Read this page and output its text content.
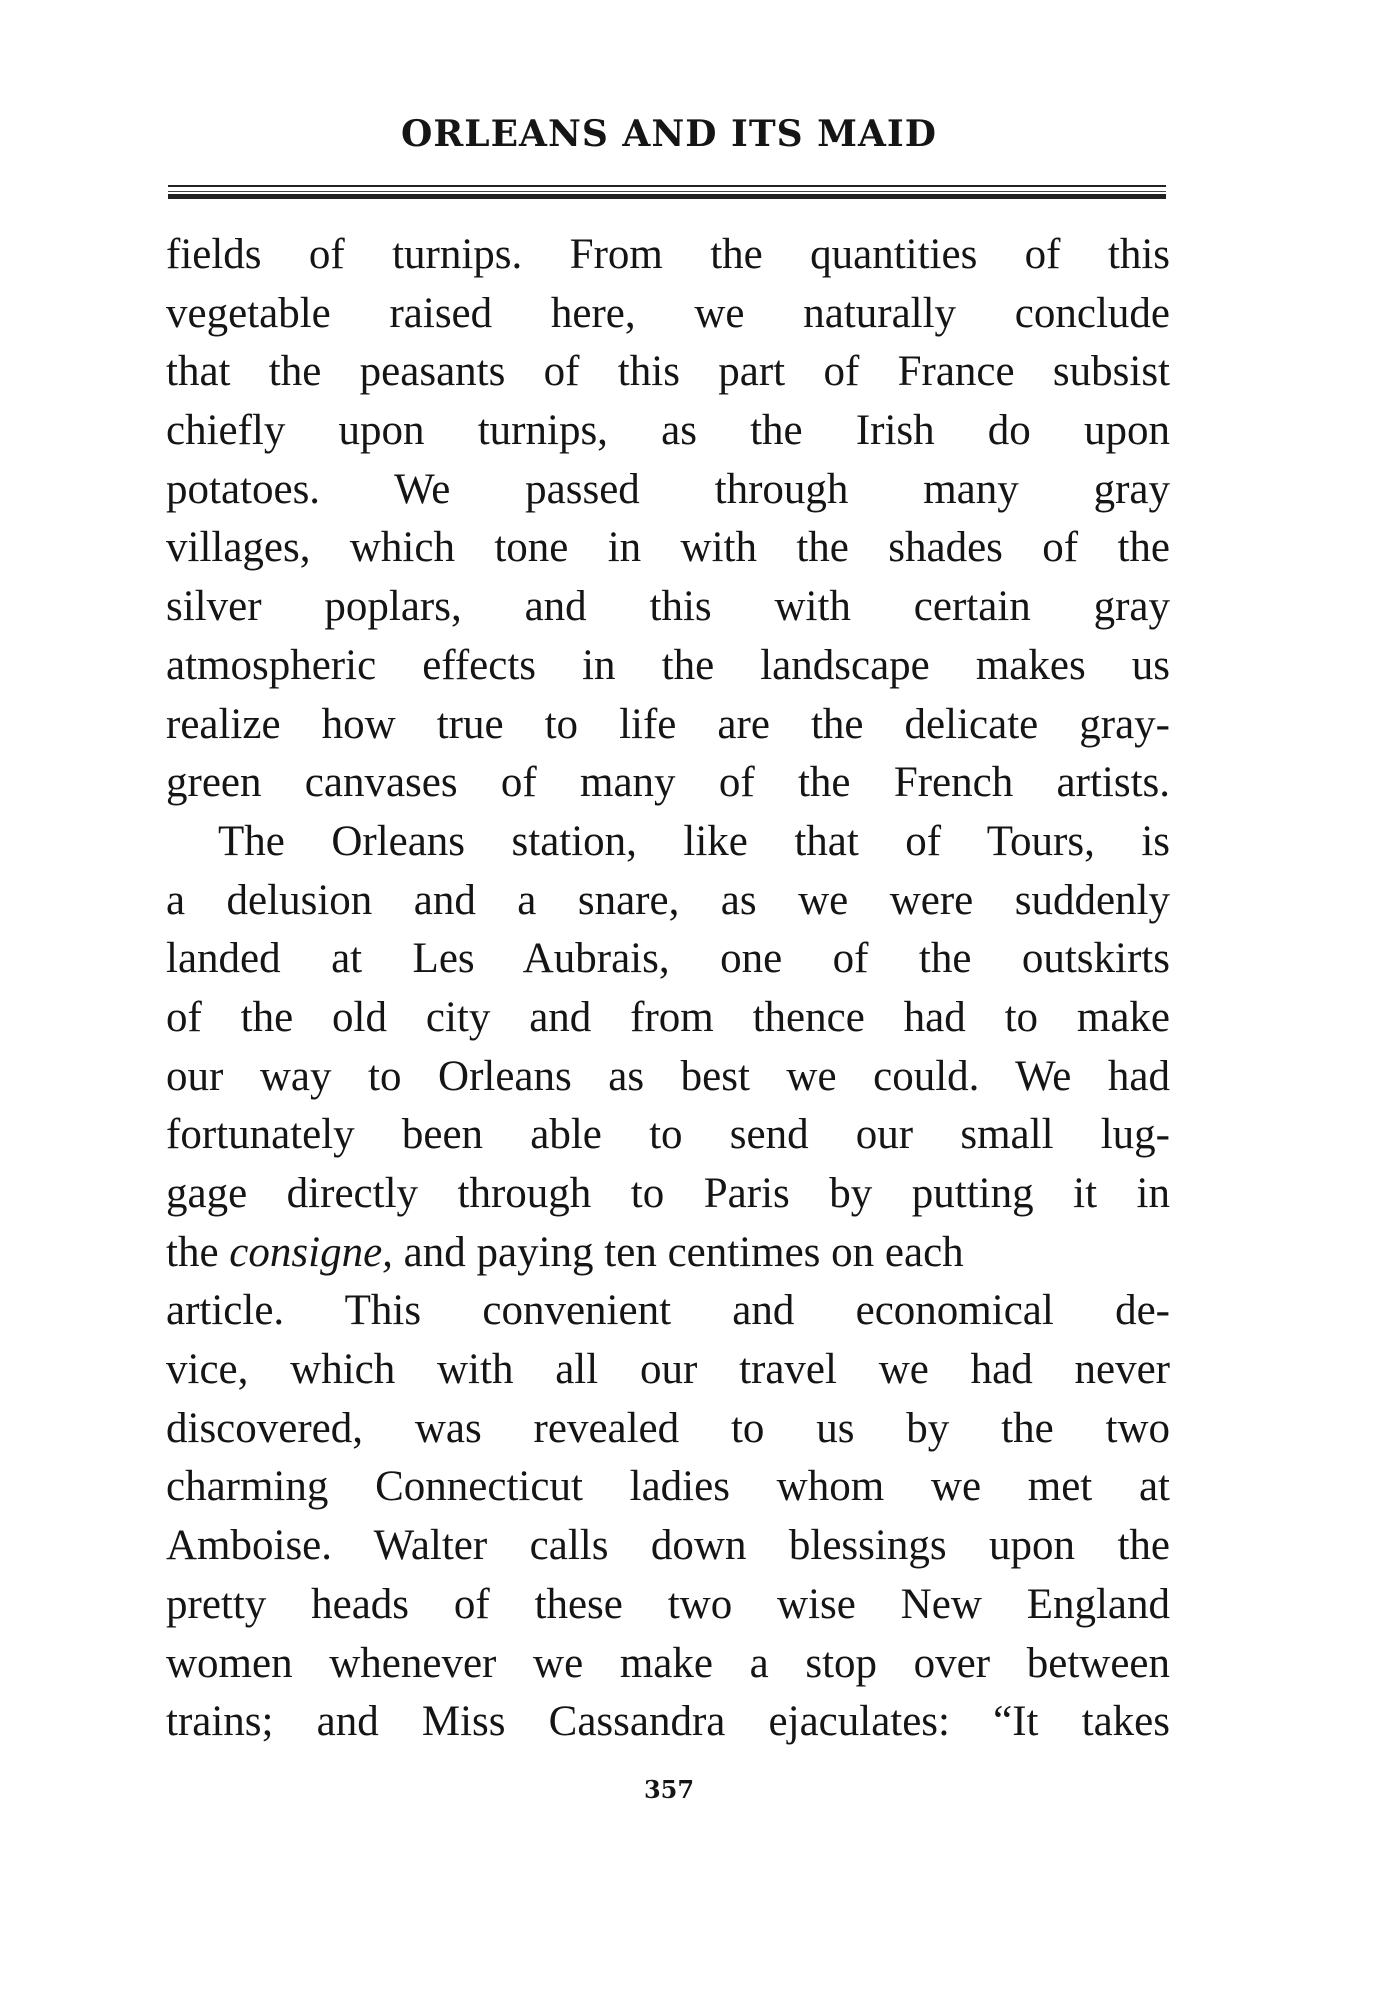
ORLEANS AND ITS MAID
fields of turnips. From the quantities of this
vegetable raised here, we naturally conclude
that the peasants of this part of France subsist
chiefly upon turnips, as the Irish do upon
potatoes. We passed through many gray
villages, which tone in with the shades of the
silver poplars, and this with certain gray
atmospheric effects in the landscape makes us
realize how true to life are the delicate gray-
green canvases of many of the French artists.
The Orleans station, like that of Tours, is
a delusion and a snare, as we were suddenly
landed at Les Aubrais, one of the outskirts
of the old city and from thence had to make
our way to Orleans as best we could. We had
fortunately been able to send our small lug-
gage directly through to Paris by putting it in
the consigne, and paying ten centimes on each
article. This convenient and economical de-
vice, which with all our travel we had never
discovered, was revealed to us by the two
charming Connecticut ladies whom we met at
Amboise. Walter calls down blessings upon the
pretty heads of these two wise New England
women whenever we make a stop over between
trains; and Miss Cassandra ejaculates: “It takes
357
